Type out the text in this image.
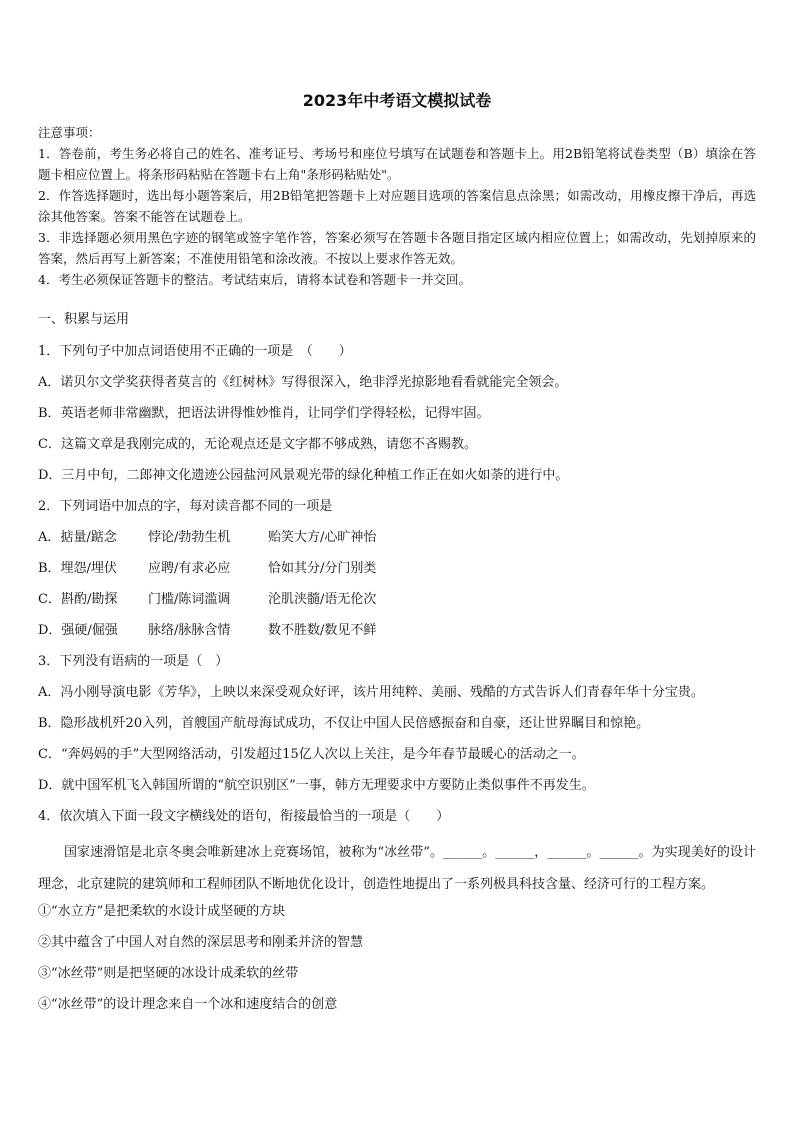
2023年中考语文模拟试卷
注意事项：
1．答卷前，考生务必将自己的姓名、准考证号、考场号和座位号填写在试题卷和答题卡上。用2B铅笔将试卷类型（B）填涂在答题卡相应位置上。将条形码粘贴在答题卡右上角"条形码粘贴处"。
2．作答选择题时，选出每小题答案后，用2B铅笔把答题卡上对应题目选项的答案信息点涂黑；如需改动，用橡皮擦干净后，再选涂其他答案。答案不能答在试题卷上。
3．非选择题必须用黑色字迹的钢笔或签字笔作答，答案必须写在答题卡各题目指定区域内相应位置上；如需改动，先划掉原来的答案，然后再写上新答案；不准使用铅笔和涂改液。不按以上要求作答无效。
4．考生必须保证答题卡的整洁。考试结束后，请将本试卷和答题卡一并交回。
一、积累与运用
1．下列句子中加点词语使用不正确的一项是　（　　）
A．诺贝尔文学奖获得者莫言的《红树林》写得很深入，绝非浮光掠影地看看就能完全领会。
B．英语老师非常幽默，把语法讲得惟妙惟肖，让同学们学得轻松，记得牢固。
C．这篇文章是我刚完成的，无论观点还是文字都不够成熟，请您不吝赐教。
D．三月中旬，二郎神文化遗迹公园盐河风景观光带的绿化种植工作正在如火如荼的进行中。
2．下列词语中加点的字，每对读音都不同的一项是
A．掂量/踮念	悖论/勃勃生机	贻笑大方/心旷神怡
B．埋怨/埋伏	应聘/有求必应	恰如其分/分门别类
C．斟酌/勘探	门槛/陈词滥调	沦肌浃髓/语无伦次
D．强硬/倔强	脉络/脉脉含情	数不胜数/数见不鲜
3．下列没有语病的一项是（　）
A．冯小刚导演电影《芳华》，上映以来深受观众好评，该片用纯粹、美丽、残酷的方式告诉人们青春年华十分宝贵。
B．隐形战机歼20入列，首艘国产航母海试成功，不仅让中国人民倍感振奋和自豪，还让世界瞩目和惊艳。
C．“奔妈妈的手”大型网络活动，引发超过15亿人次以上关注，是今年春节最暖心的活动之一。
D．就中国军机飞入韩国所谓的“航空识别区”一事，韩方无理要求中方要防止类似事件不再发生。
4．依次填入下面一段文字横线处的语句，衔接最恰当的一项是（　　）
国家速滑馆是北京冬奥会唯新建冰上竞赛场馆，被称为“冰丝带”。______。______，______。______。为实现美好的设计理念，北京建院的建筑师和工程师团队不断地优化设计，创造性地提出了一系列极具科技含量、经济可行的工程方案。
①“水立方”是把柔软的水设计成坚硬的方块
②其中蕴含了中国人对自然的深层思考和刚柔并济的智慧
③“冰丝带”则是把坚硬的冰设计成柔软的丝带
④“冰丝带”的设计理念来自一个冰和速度结合的创意
